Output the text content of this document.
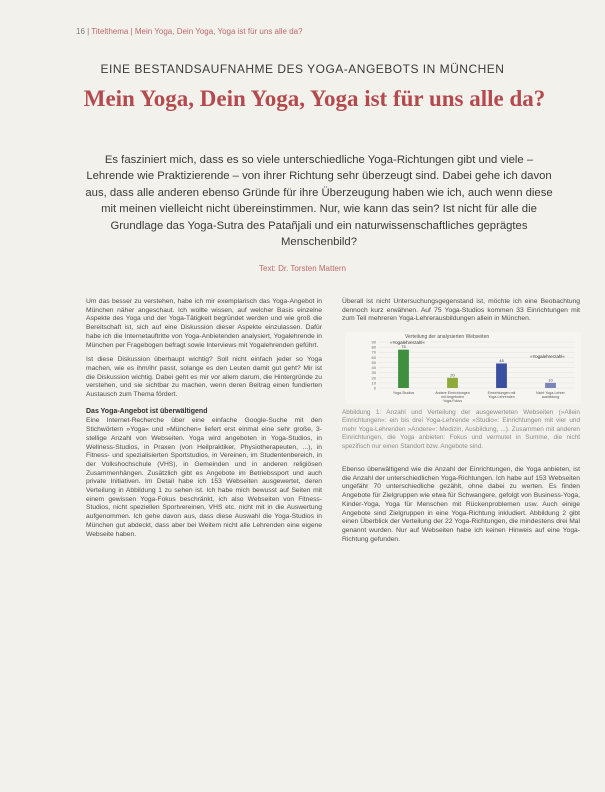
16 | Titelthema | Mein Yoga, Dein Yoga, Yoga ist für uns alle da?
EINE BESTANDSAUFNAHME DES YOGA-ANGEBOTS IN MÜNCHEN
Mein Yoga, Dein Yoga, Yoga ist für uns alle da?
Es fasziniert mich, dass es so viele unterschiedliche Yoga-Richtungen gibt und viele – Lehrende wie Praktizierende – von ihrer Richtung sehr überzeugt sind. Dabei gehe ich davon aus, dass alle anderen ebenso Gründe für ihre Überzeugung haben wie ich, auch wenn diese mit meinen vielleicht nicht übereinstimmen. Nur, wie kann das sein? Ist nicht für alle die Grundlage das Yoga-Sutra des Patañjali und ein naturwissenschaftliches geprägtes Menschenbild?
Text: Dr. Torsten Mattern

Um das besser zu verstehen, habe ich mir exemplarisch das Yoga-Angebot in München näher angeschaut. Ich wollte wissen, auf welcher Basis einzelne Aspekte des Yoga und der Yoga-Tätigkeit begründet werden und wie groß die Bereitschaft ist, sich auf eine Diskussion dieser Aspekte einzulassen. Dafür habe ich die Internetauftritte von Yoga-Anbietenden analysiert, Yogalehrende in München per Fragebogen befragt sowie Interviews mit Yogalehrenden geführt.

Ist diese Diskussion überhaupt wichtig? Soll nicht einfach jeder so Yoga machen, wie es ihm/ihr passt, solange es den Leuten damit gut geht? Mir ist die Diskussion wichtig. Dabei geht es mir vor allem darum, die Hintergründe zu verstehen, und sie sichtbar zu machen, wenn deren Beitrag einen fundierten Austausch zum Thema fördert.

Das Yoga-Angebot ist überwältigend

Eine Internet-Recherche über eine einfache Google-Suche mit den Stichwörtern »Yoga« und »München« liefert erst einmal eine sehr große, 3-stellige Anzahl von Webseiten. Yoga wird angeboten in Yoga-Studios, in Wellness-Studios, in Praxen (von Heilpraktiker, Physiotherapeuten, ...), in Fitness- und spezialisierten Sportstudios, in Vereinen, im Studentenbereich, in der Volkshochschule (VHS), in Gemeinden und in anderen religiösen Zusammenhängen. Zusätzlich gibt es Angebote im Betriebssport und auch private Initiativen. Im Detail habe ich 153 Webseiten ausgewertet, deren Verteilung in Abbildung 1 zu sehen ist. Ich habe mich bewusst auf Seiten mit einem gewissen Yoga-Fokus beschränkt, ich also Webseiten von Fitness-Studios, nicht speziellen Sportvereinen, VHS etc. nicht mit in die Auswertung aufgenommen. Ich gehe davon aus, dass diese Auswahl die Yoga-Studios in München gut abdeckt, dass aber bei Weitem nicht alle Lehrenden eine eigene Webseite haben.

Überall ist nicht Untersuchungsgegenstand ist, möchte ich eine Beobachtung dennoch kurz erwähnen. Auf 75 Yoga-Studios kommen 33 Einrichtungen mit zum Teil mehreren Yoga-Lehrerausbildungen allein in München.

Verteilung der analysierten Webseiten
0
10
20
30
40
50
60
70
80
90
75
Yoga-Studios
20
Andere Einrichtungen mit Angeboten Yoga-Fokus
48
Einrichtungen mit Yoga-Lehrenden
10
Nicht Yoga-Lehrer ausbildung
»Yogalehrerzahl«
»Yogalehrerzahl«
Abbildung 1: Anzahl und Verteilung der ausgewerteten Webseiten (»Allein Einrichtungen«: ein bis drei Yoga-Lehrende »Studio«: Einrichtungen mit vier und mehr Yoga-Lehrenden »Andere«: Medizin, Ausbildung, ...). Zusammen mit anderen Einrichtungen, die Yoga anbieten: Fokus und vermutet in Summe, die nicht spezifisch nur einen Standort bzw. Angebote sind.

Ebenso überwältigend wie die Anzahl der Einrichtungen, die Yoga anbieten, ist die Anzahl der unterschiedlichen Yoga-Richtungen. Ich habe auf 153 Webseiten ungefähr 70 unterschiedliche gezählt, ohne dabei zu werten. Es finden Angebote für Zielgruppen wie etwa für Schwangere, gefolgt von Business-Yoga, Kinder-Yoga, Yoga für Menschen mit Rückenproblemen usw. Auch einige Angebote sind Zielgruppen in eine Yoga-Richtung inkludiert. Abbildung 2 gibt einen Überblick der Verteilung der 22 Yoga-Richtungen, die mindestens drei Mal genannt wurden. Nur auf Webseiten habe ich keinen Hinweis auf eine Yoga-Richtung gefunden.
